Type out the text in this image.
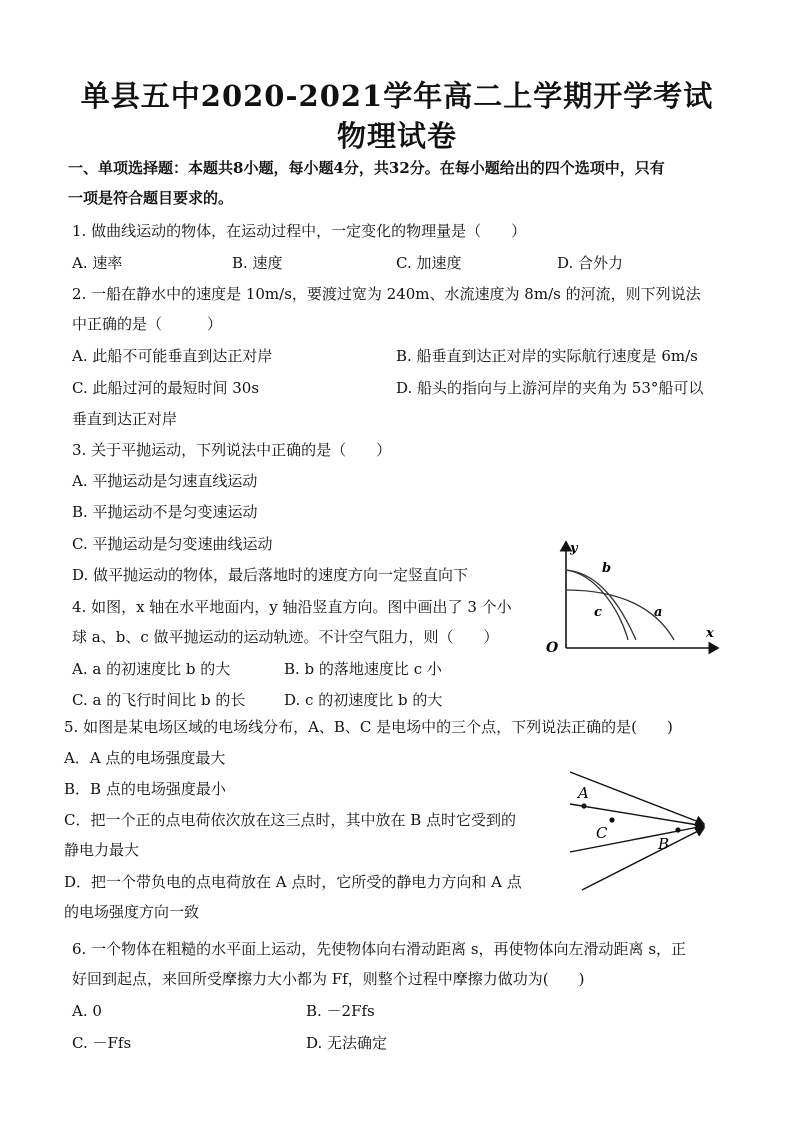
单县五中2020-2021学年高二上学期开学考试
物理试卷
一、单项选择题：本题共8小题，每小题4分，共32分。在每小题给出的四个选项中，只有
一项是符合题目要求的。
1. 做曲线运动的物体，在运动过程中，一定变化的物理量是（　　）
A. 速率	B. 速度	C. 加速度	D. 合外力
2. 一船在静水中的速度是 10m/s，要渡过宽为 240m、水流速度为 8m/s 的河流，则下列说法
中正确的是（　　　）
A. 此船不可能垂直到达正对岸	B. 船垂直到达正对岸的实际航行速度是 6m/s
C. 此船过河的最短时间 30s	D. 船头的指向与上游河岸的夹角为 53°船可以
垂直到达正对岸
3. 关于平抛运动，下列说法中正确的是（　　）
A. 平抛运动是匀速直线运动
B. 平抛运动不是匀变速运动
C. 平抛运动是匀变速曲线运动
D. 做平抛运动的物体，最后落地时的速度方向一定竖直向下
4. 如图，x 轴在水平地面内，y 轴沿竖直方向。图中画出了 3 个小
球 a、b、c 做平抛运动的运动轨迹。不计空气阻力，则（　　）
A. a 的初速度比 b 的大	B. b 的落地速度比 c 小
C. a 的飞行时间比 b 的长	D. c 的初速度比 b 的大
y
x
O
b
c	a
5. 如图是某电场区域的电场线分布，A、B、C 是电场中的三个点，下列说法正确的是(　　)
A．A 点的电场强度最大
B．B 点的电场强度最小
C．把一个正的点电荷依次放在这三点时，其中放在 B 点时它受到的
静电力最大
D．把一个带负电的点电荷放在 A 点时，它所受的静电力方向和 A 点
的电场强度方向一致
A
C
B
6. 一个物体在粗糙的水平面上运动，先使物体向右滑动距离 s，再使物体向左滑动距离 s，正
好回到起点，来回所受摩擦力大小都为 Ff，则整个过程中摩擦力做功为(　　)
A. 0	B. －2Ffs
C. －Ffs	D. 无法确定
